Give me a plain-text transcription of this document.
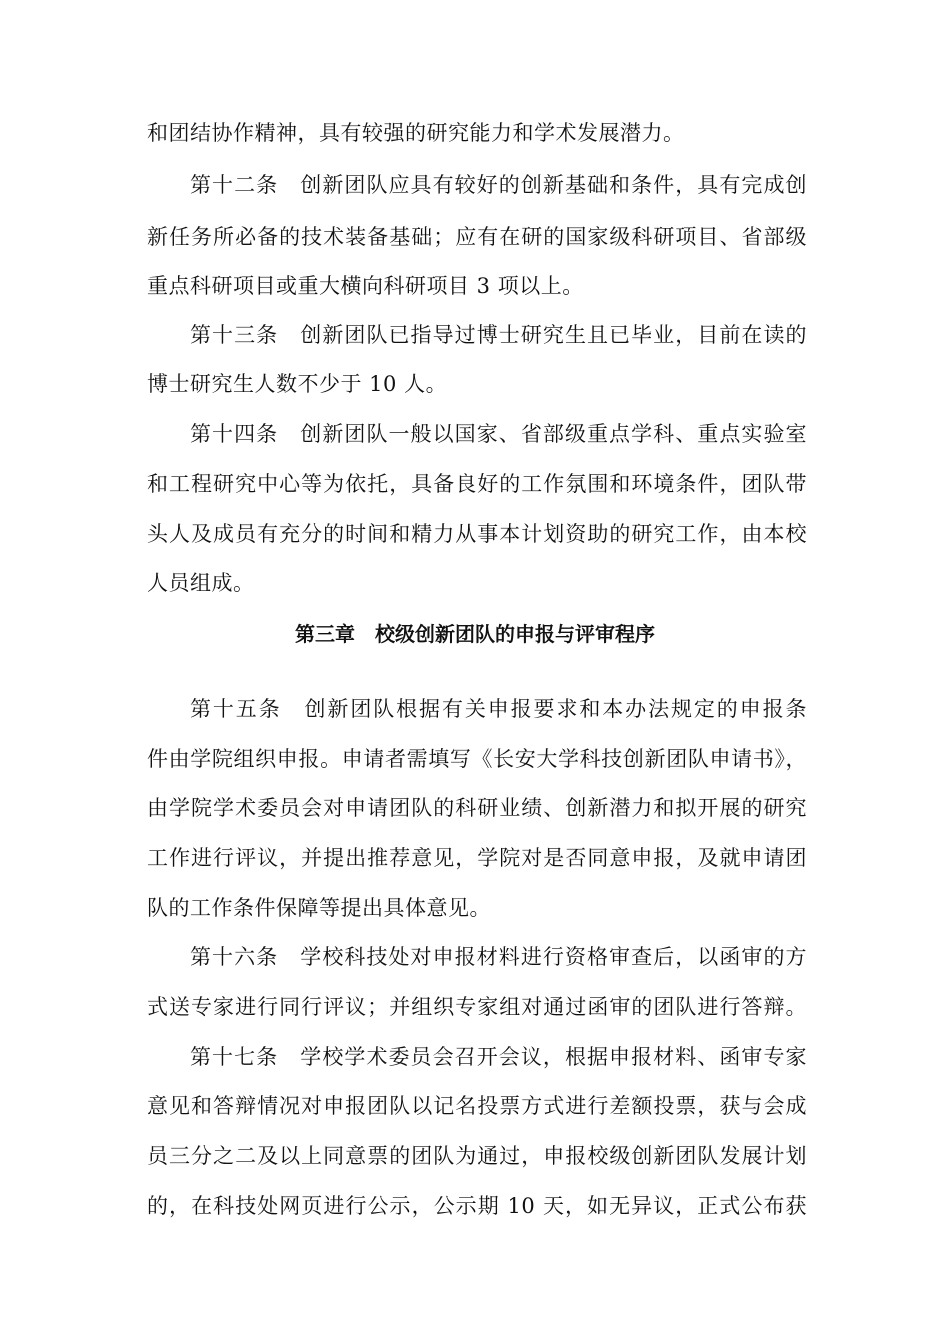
和团结协作精神，具有较强的研究能力和学术发展潜力。
第十二条　创新团队应具有较好的创新基础和条件，具有完成创
新任务所必备的技术装备基础；应有在研的国家级科研项目、省部级
重点科研项目或重大横向科研项目 3 项以上。
第十三条　创新团队已指导过博士研究生且已毕业，目前在读的
博士研究生人数不少于 10 人。
第十四条　创新团队一般以国家、省部级重点学科、重点实验室
和工程研究中心等为依托，具备良好的工作氛围和环境条件，团队带
头人及成员有充分的时间和精力从事本计划资助的研究工作，由本校
人员组成。
第三章　校级创新团队的申报与评审程序
第十五条　创新团队根据有关申报要求和本办法规定的申报条
件由学院组织申报。申请者需填写《长安大学科技创新团队申请书》，
由学院学术委员会对申请团队的科研业绩、创新潜力和拟开展的研究
工作进行评议，并提出推荐意见，学院对是否同意申报，及就申请团
队的工作条件保障等提出具体意见。
第十六条　学校科技处对申报材料进行资格审查后，以函审的方
式送专家进行同行评议；并组织专家组对通过函审的团队进行答辩。
第十七条　学校学术委员会召开会议，根据申报材料、函审专家
意见和答辩情况对申报团队以记名投票方式进行差额投票，获与会成
员三分之二及以上同意票的团队为通过，申报校级创新团队发展计划
的，在科技处网页进行公示，公示期 10 天，如无异议，正式公布获
